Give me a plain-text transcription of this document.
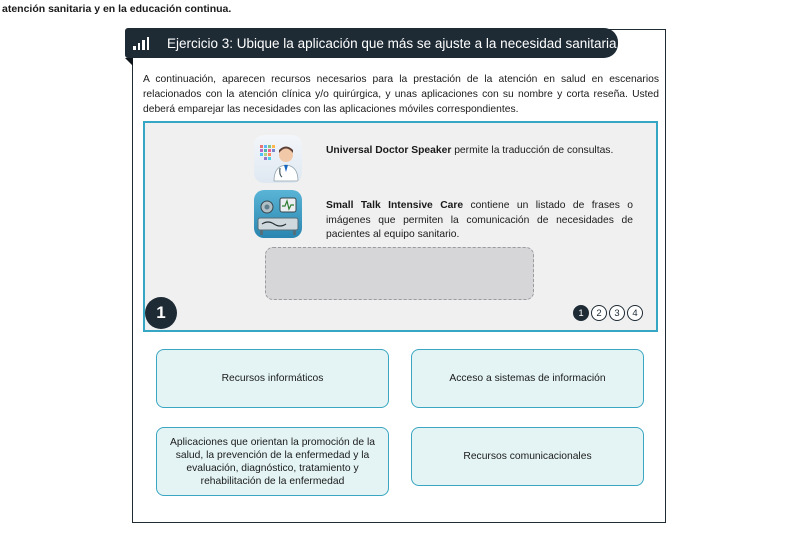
atención sanitaria y en la educación continua.
Ejercicio 3: Ubique la aplicación que más se ajuste a la necesidad sanitaria
A continuación, aparecen recursos necesarios para la prestación de la atención en salud en escenarios relacionados con la atención clínica y/o quirúrgica, y unas aplicaciones con su nombre y corta reseña. Usted deberá emparejar las necesidades con las aplicaciones móviles correspondientes.
Universal Doctor Speaker permite la traducción de consultas.
Small Talk Intensive Care contiene un listado de frases o imágenes que permiten la comunicación de necesidades de pacientes al equipo sanitario.
1	1	2	3	4
Recursos informáticos	Acceso a sistemas de información
Aplicaciones que orientan la promoción de la salud, la prevención de la enfermedad y la evaluación, diagnóstico, tratamiento y rehabilitación de la enfermedad
Recursos comunicacionales
